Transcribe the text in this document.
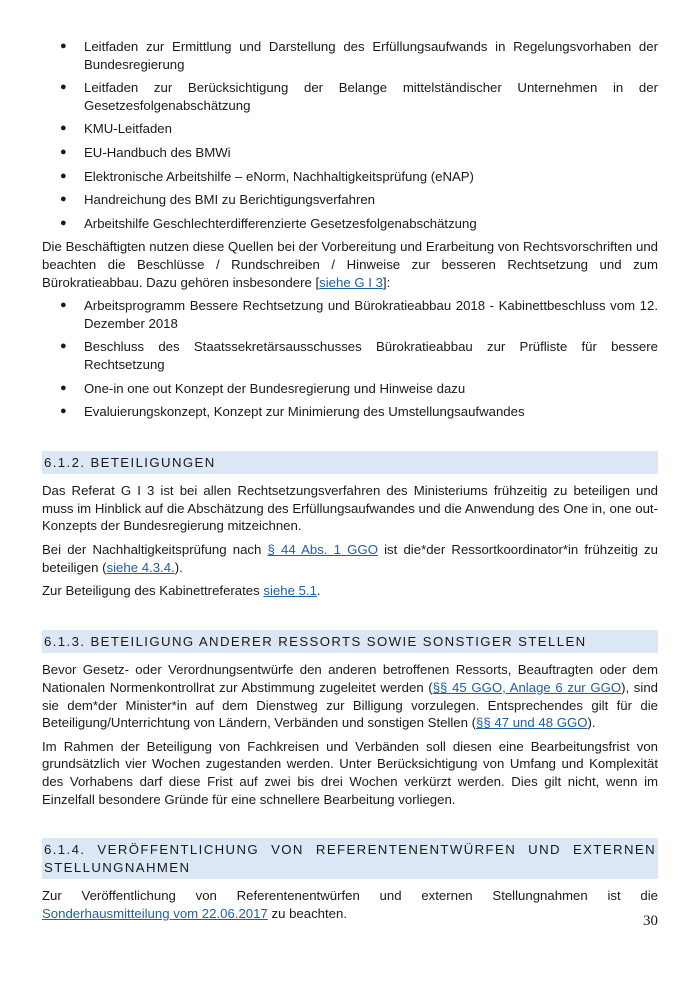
● Leitfaden zur Ermittlung und Darstellung des Erfüllungsaufwands in Regelungsvorhaben der Bundesregierung
● Leitfaden zur Berücksichtigung der Belange mittelständischer Unternehmen in der Gesetzesfolgenabschätzung
● KMU-Leitfaden
● EU-Handbuch des BMWi
● Elektronische Arbeitshilfe – eNorm, Nachhaltigkeitsprüfung (eNAP)
● Handreichung des BMI zu Berichtigungsverfahren
● Arbeitshilfe Geschlechterdifferenzierte Gesetzesfolgenabschätzung

Die Beschäftigten nutzen diese Quellen bei der Vorbereitung und Erarbeitung von Rechtsvorschriften und beachten die Beschlüsse / Rundschreiben / Hinweise zur besseren Rechtsetzung und zum Bürokratieabbau. Dazu gehören insbesondere [siehe G I 3]:

● Arbeitsprogramm Bessere Rechtsetzung und Bürokratieabbau 2018 - Kabinettbeschluss vom 12. Dezember 2018
● Beschluss des Staatssekretärsausschusses Bürokratieabbau zur Prüfliste für bessere Rechtsetzung
● One-in one out Konzept der Bundesregierung und Hinweise dazu
● Evaluierungskonzept, Konzept zur Minimierung des Umstellungsaufwandes
6.1.2. BETEILIGUNGEN

Das Referat G I 3 ist bei allen Rechtsetzungsverfahren des Ministeriums frühzeitig zu beteiligen und muss im Hinblick auf die Abschätzung des Erfüllungsaufwandes und die Anwendung des One in, one out-Konzepts der Bundesregierung mitzeichnen.

Bei der Nachhaltigkeitsprüfung nach § 44 Abs. 1 GGO ist die*der Ressortkoordinator*in frühzeitig zu beteiligen (siehe 4.3.4.).

Zur Beteiligung des Kabinettreferates siehe 5.1.

6.1.3. BETEILIGUNG ANDERER RESSORTS SOWIE SONSTIGER STELLEN

Bevor Gesetz- oder Verordnungsentwürfe den anderen betroffenen Ressorts, Beauftragten oder dem Nationalen Normenkontrollrat zur Abstimmung zugeleitet werden (§§ 45 GGO, Anlage 6 zur GGO), sind sie dem*der Minister*in auf dem Dienstweg zur Billigung vorzulegen. Entsprechendes gilt für die Beteiligung/Unterrichtung von Ländern, Verbänden und sonstigen Stellen (§§ 47 und 48 GGO).

Im Rahmen der Beteiligung von Fachkreisen und Verbänden soll diesen eine Bearbeitungsfrist von grundsätzlich vier Wochen zugestanden werden. Unter Berücksichtigung von Umfang und Komplexität des Vorhabens darf diese Frist auf zwei bis drei Wochen verkürzt werden. Dies gilt nicht, wenn im Einzelfall besondere Gründe für eine schnellere Bearbeitung vorliegen.

6.1.4. VERÖFFENTLICHUNG VON REFERENTENENTWÜRFEN UND EXTERNEN STELLUNGNAHMEN

Zur Veröffentlichung von Referentenentwürfen und externen Stellungnahmen ist die Sonderhausmitteilung vom 22.06.2017 zu beachten.	30
